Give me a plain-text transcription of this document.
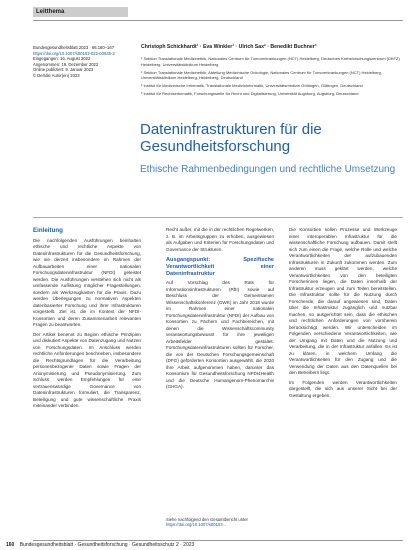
Leitthema
Bundesgesundheitsblatt 2023 · 66:160–167
https://doi.org/10.1007/s00103-022-03648-2
Eingegangen: 16. August 2022
Angenommen: 19. Dezember 2022
Online publiziert: 9. Januar 2023
© Der/die Autor(en) 2023
Christoph Schickhardt¹ · Eva Winkler¹ · Ulrich Sax² · Benedikt Buchner³
¹ Sektion Translationale Medizinethik, Nationales Centrum für Tumorerkrankungen (NCT) Heidelberg, Deutsches Krebsforschungszentrum (DKFZ) Heidelberg, Universitätsklinikum Heidelberg
¹ Sektion Translationale Medizinethik, Abteilung Medizinische Onkologie, Nationales Centrum für Tumorerkrankungen (NCT) Heidelberg, Universitätsklinikum Heidelberg, Heidelberg, Deutschland
² Institut für Medizinische Informatik, Translationale Medizininformatik, Universitätsmedizin Göttingen, Göttingen, Deutschland
³ Institut für Rechtsinformatik, Forschungsstelle für Recht und Digitalisierung, Universität Augsburg, Augsburg, Deutschland
Dateninfrastrukturen für die Gesundheitsforschung
Ethische Rahmenbedingungen und rechtliche Umsetzung
Einleitung

Die nachfolgenden Ausführungen beinhalten ethische und rechtliche Aspekte von Dateninfrastrukturen für die Gesundheitsforschung, wie sie derzeit insbesondere im Rahmen der Aufbauarbeiten einer nationalen Forschungsdateninfrastruktur (NFDI) geleistet werden. Die Ausführungen verstehen sich nicht als umfassende Auflistung möglicher Fragestellungen, sondern als Werkzeugkasten für die Praxis. Dazu werden Überlegungen zu normativen Aspekten datenbasierter Forschung und ihrer Infrastrukturen vorgestellt. Ziel ist, die im Kontext der NFDI-Konsortien und deren Zusammenarbeit relevanten Fragen zu beantworten.

Der Artikel benennt zu Beginn ethische Prinzipien und diskutiert Aspekte von Datenzugang und Nutzen von Forschungsdaten. Im Anschluss werden rechtliche Anforderungen beschrieben, insbesondere die Rechtsgrundlagen für die Verarbeitung personenbezogener Daten sowie Fragen der Anonymisierung und Pseudonymisierung. Zum Schluss werden Empfehlungen für eine vertrauenswürdige Governance von Dateninfrastrukturen formuliert, die Transparenz, Beteiligung und gute wissenschaftliche Praxis miteinander verbinden.

Recht außer, mit die in der rechtlichen Regelwerken, z. B. im Arbeitsgruppen zu erhoben, ausgewiesen als Aufgaben und Kriterien für Forschungsdaten und Governance der Strukturen.

Ausgangspunkt: Spezifische Verantwortlichkeit einer Dateninfrastruktur

Auf Vorschlag des Rats für Informationsinfrastrukturen (RfII) sowie auf Beschluss der Gemeinsamen Wissenschaftskonferenz (GWK) im Jahr 2018 wurde im Rahmen einer nationalen Forschungsdateninfrastruktur (NFDI) der Aufbau von Konsortien zu Fächern und Fachbereichen, mit denen die Wissenschaftscommunity verantwortungsbewusst für ihre jeweiligen Arbeitsfelder gestaltet. Forschungsdateninfrastrukturen sollten für Forscher, die von der Deutschen Forschungsgemeinschaft (DFG) geförderten Konsortien ausgewählt, die 2020 ihre Arbeit aufgenommen haben, darunter das Konsortium für Gesundheitsforschung NFDI4Health und die Deutsche Humangenom-Phenomarchiv (GHGA).

Siehe nachfolgend den Gesamtbericht unter https://doi.org/10.1007/s00103...

Die Konsortien sollen Prozesse und Werkzeuge einer interoperablen Infrastruktur für die wissenschaftliche Forschung aufbauen. Damit stellt sich zum einen die Frage, welche Rolle und welche Verantwortlichkeiten der aufzubauenden Infrastrukturen in Zukunft zukommen werden. Zum anderen muss geklärt werden, welche Verantwortlichkeiten von den beteiligten Forscherinnen liegen, die Daten innerhalb der Infrastruktur erzeugen und zum Teilen bereitstellen. Die Infrastruktur sollte für die Nutzung durch Forschende, die darauf angewiesen sind, Daten über die Infrastruktur zugänglich und nutzbar machen, so ausgerichtet sein, dass die ethischen und rechtlichen Anforderungen von vornherein berücksichtigt werden. Wir unterscheiden im Folgenden verschiedene Verantwortlichkeiten, wie der Umgang mit Daten und die Nutzung und Verarbeitung, die in der Infrastruktur anfallen. Es ist zu klären, in welchem Umfang die Verantwortlichkeiten für den Zugang und die Verwendung der Daten aus den Datenquellen bei den Betreibern liegt.

Im Folgenden werden Verantwortlichkeiten dargestellt, die sich aus unserer Sicht bei der Gestaltung ergeben.

160 Bundesgesundheitsblatt · Gesundheitsforschung · Gesundheitsschutz 2 · 2023
